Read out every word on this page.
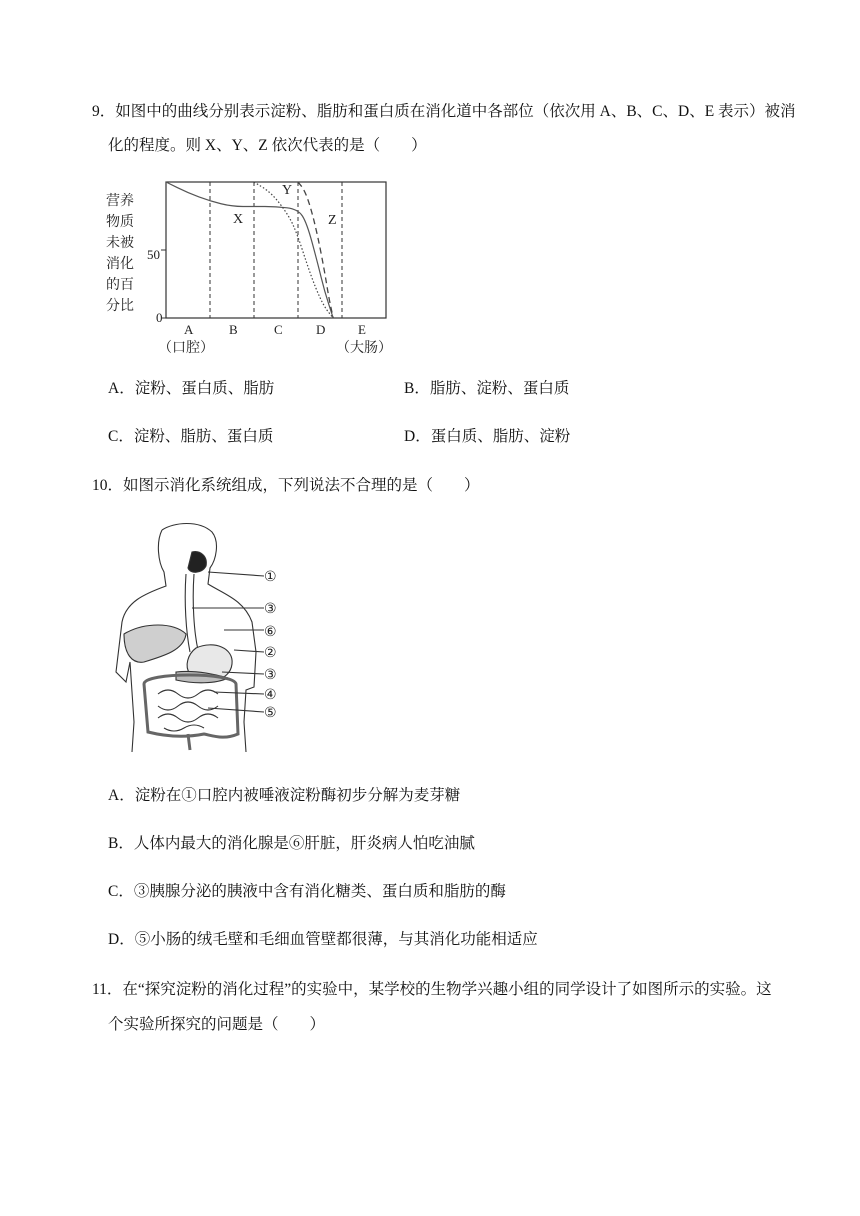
9．如图中的曲线分别表示淀粉、脂肪和蛋白质在消化道中各部位（依次用 A、B、C、D、E 表示）被消
化的程度。则 X、Y、Z 依次代表的是（　　）
营养
物质
未被
消化
的百
分比
50
0
A	B	C	D	E
（口腔）	（大肠）
X
Y
Z
A．淀粉、蛋白质、脂肪	B．脂肪、淀粉、蛋白质
C．淀粉、脂肪、蛋白质	D．蛋白质、脂肪、淀粉
10．如图示消化系统组成，下列说法不合理的是（　　）
①
③
⑥
②
③
④
⑤
A．淀粉在①口腔内被唾液淀粉酶初步分解为麦芽糖
B．人体内最大的消化腺是⑥肝脏，肝炎病人怕吃油腻
C．③胰腺分泌的胰液中含有消化糖类、蛋白质和脂肪的酶
D．⑤小肠的绒毛壁和毛细血管壁都很薄，与其消化功能相适应
11．在“探究淀粉的消化过程”的实验中，某学校的生物学兴趣小组的同学设计了如图所示的实验。这
个实验所探究的问题是（　　）
